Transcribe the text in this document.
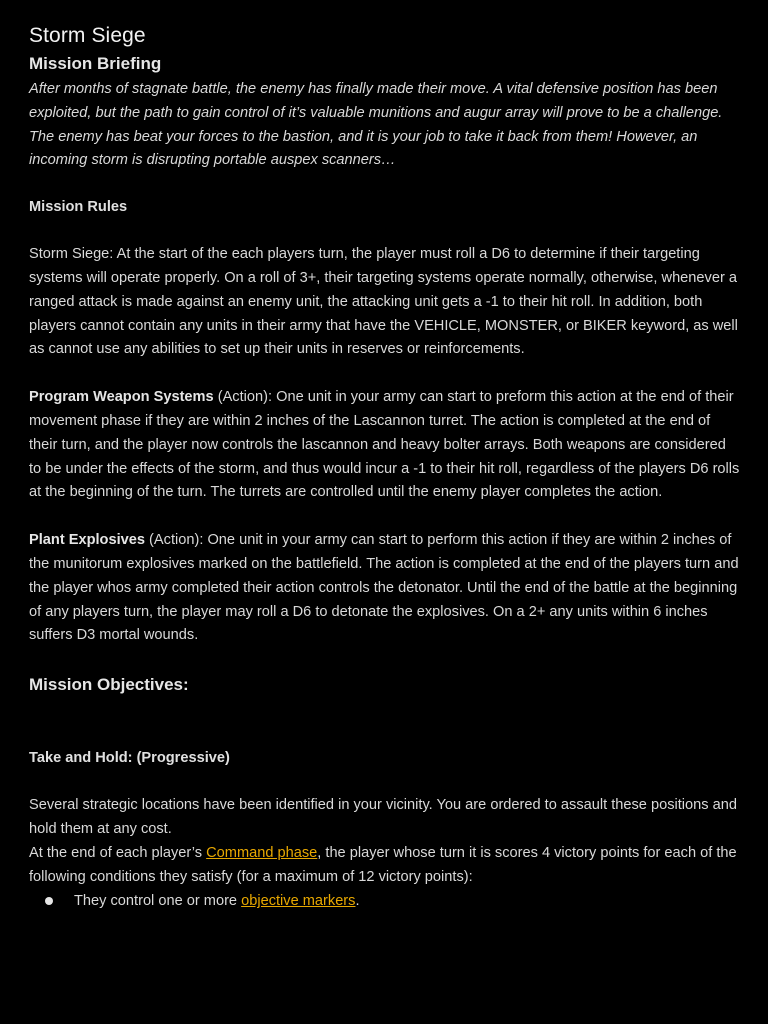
Storm Siege
Mission Briefing

After months of stagnate battle, the enemy has finally made their move. A vital defensive position has been exploited, but the path to gain control of it’s valuable munitions and augur array will prove to be a challenge. The enemy has beat your forces to the bastion, and it is your job to take it back from them! However, an incoming storm is disrupting portable auspex scanners…

Mission Rules

Storm Siege: At the start of the each players turn, the player must roll a D6 to determine if their targeting systems will operate properly. On a roll of 3+, their targeting systems operate normally, otherwise, whenever a ranged attack is made against an enemy unit, the attacking unit gets a -1 to their hit roll. In addition, both players cannot contain any units in their army that have the VEHICLE, MONSTER, or BIKER keyword, as well as cannot use any abilities to set up their units in reserves or reinforcements.

Program Weapon Systems (Action): One unit in your army can start to preform this action at the end of their movement phase if they are within 2 inches of the Lascannon turret. The action is completed at the end of their turn, and the player now controls the lascannon and heavy bolter arrays. Both weapons are considered to be under the effects of the storm, and thus would incur a -1 to their hit roll, regardless of the players D6 rolls at the beginning of the turn. The turrets are controlled until the enemy player completes the action.

Plant Explosives (Action): One unit in your army can start to perform this action if they are within 2 inches of the munitorum explosives marked on the battlefield. The action is completed at the end of the players turn and the player whos army completed their action controls the detonator. Until the end of the battle at the beginning of any players turn, the player may roll a D6 to detonate the explosives. On a 2+ any units within 6 inches suffers D3 mortal wounds.

Mission Objectives:

Take and Hold: (Progressive)

Several strategic locations have been identified in your vicinity. You are ordered to assault these positions and hold them at any cost.

At the end of each player’s Command phase, the player whose turn it is scores 4 victory points for each of the following conditions they satisfy (for a maximum of 12 victory points):

They control one or more objective markers.
